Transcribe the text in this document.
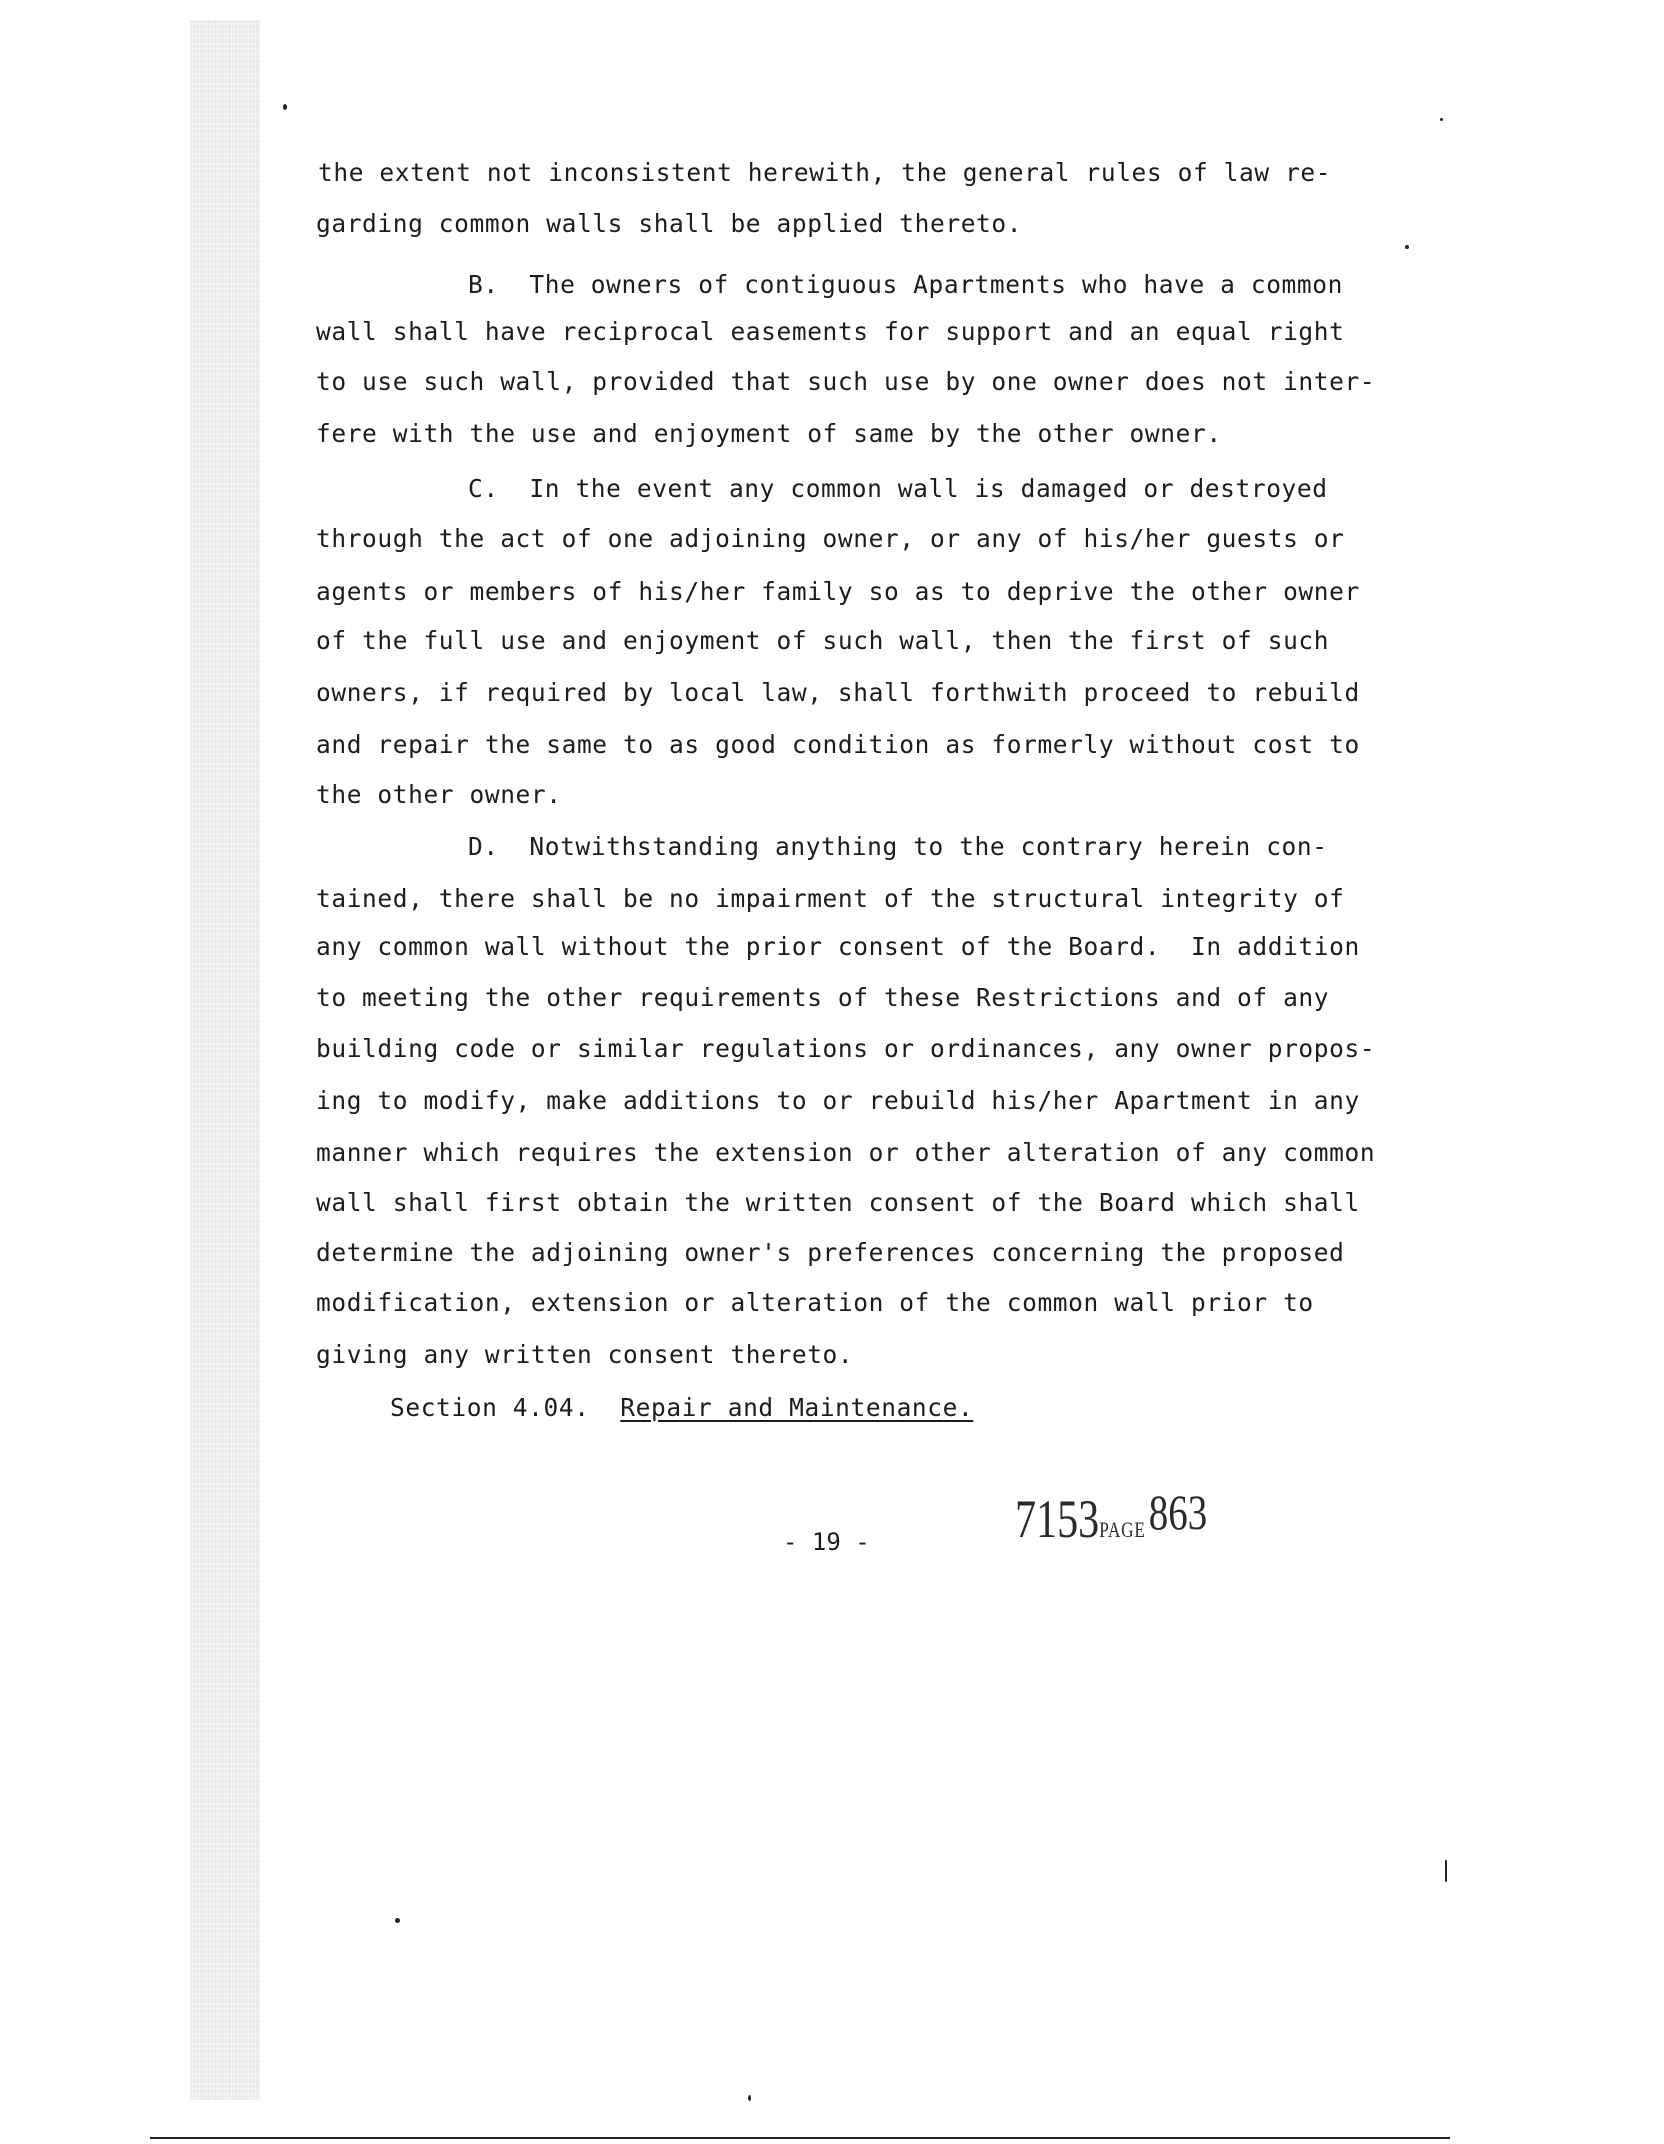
the extent not inconsistent herewith, the general rules of law re-
garding common walls shall be applied thereto.
B.  The owners of contiguous Apartments who have a common
wall shall have reciprocal easements for support and an equal right
to use such wall, provided that such use by one owner does not inter-
fere with the use and enjoyment of same by the other owner.
C.  In the event any common wall is damaged or destroyed
through the act of one adjoining owner, or any of his/her guests or
agents or members of his/her family so as to deprive the other owner
of the full use and enjoyment of such wall, then the first of such
owners, if required by local law, shall forthwith proceed to rebuild
and repair the same to as good condition as formerly without cost to
the other owner.
D.  Notwithstanding anything to the contrary herein con-
tained, there shall be no impairment of the structural integrity of
any common wall without the prior consent of the Board.  In addition
to meeting the other requirements of these Restrictions and of any
building code or similar regulations or ordinances, any owner propos-
ing to modify, make additions to or rebuild his/her Apartment in any
manner which requires the extension or other alteration of any common
wall shall first obtain the written consent of the Board which shall
determine the adjoining owner's preferences concerning the proposed
modification, extension or alteration of the common wall prior to
giving any written consent thereto.
Section 4.04. Repair and Maintenance.
- 19 -	7153PAGE 863
